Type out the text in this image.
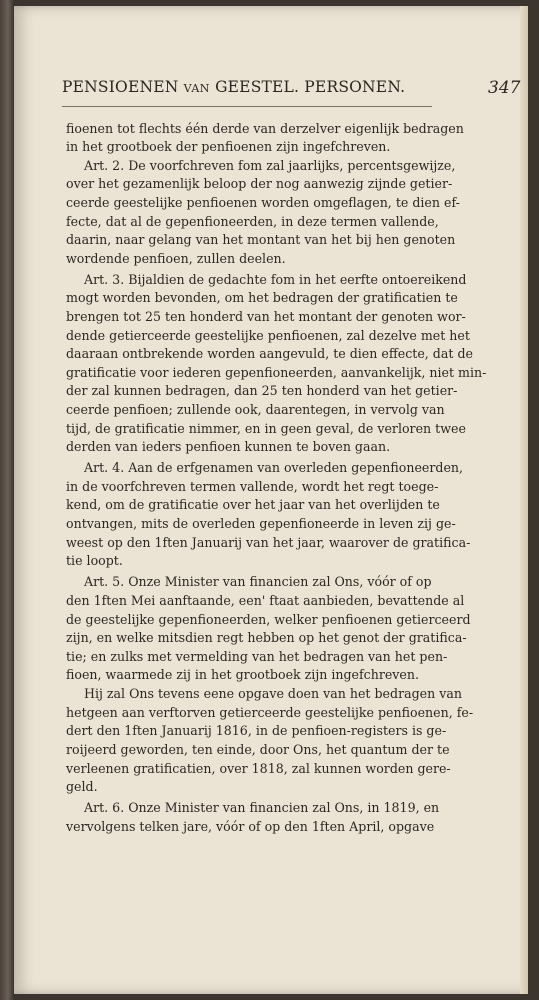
PENSIOENEN VAN GEESTEL. PERSONEN.	347
fioenen tot flechts één derde van derzelver eigenlijk bedragen
in het grootboek der penfioenen zijn ingefchreven.
Art. 2. De voorfchreven fom zal jaarlijks, percentsgewijze,
over het gezamenlijk beloop der nog aanwezig zijnde getier-
ceerde geestelijke penfioenen worden omgeflagen, te dien ef-
fecte, dat al de gepenfioneerden, in deze termen vallende,
daarin, naar gelang van het montant van het bij hen genoten
wordende penfioen, zullen deelen.
Art. 3. Bijaldien de gedachte fom in het eerfte ontoereikend
mogt worden bevonden, om het bedragen der gratificatien te
brengen tot 25 ten honderd van het montant der genoten wor-
dende getierceerde geestelijke penfioenen, zal dezelve met het
daaraan ontbrekende worden aangevuld, te dien effecte, dat de
gratificatie voor iederen gepenfioneerden, aanvankelijk, niet min-
der zal kunnen bedragen, dan 25 ten honderd van het getier-
ceerde penfioen; zullende ook, daarentegen, in vervolg van
tijd, de gratificatie nimmer, en in geen geval, de verloren twee
derden van ieders penfioen kunnen te boven gaan.
Art. 4. Aan de erfgenamen van overleden gepenfioneerden,
in de voorfchreven termen vallende, wordt het regt toege-
kend, om de gratificatie over het jaar van het overlijden te
ontvangen, mits de overleden gepenfioneerde in leven zij ge-
weest op den 1ften Januarij van het jaar, waarover de gratifica-
tie loopt.
Art. 5. Onze Minister van financien zal Ons, vóór of op
den 1ften Mei aanftaande, een' ftaat aanbieden, bevattende al
de geestelijke gepenfioneerden, welker penfioenen getierceerd
zijn, en welke mitsdien regt hebben op het genot der gratifica-
tie; en zulks met vermelding van het bedragen van het pen-
fioen, waarmede zij in het grootboek zijn ingefchreven.
Hij zal Ons tevens eene opgave doen van het bedragen van
hetgeen aan verftorven getierceerde geestelijke penfioenen, fe-
dert den 1ften Januarij 1816, in de penfioen-registers is ge-
roijeerd geworden, ten einde, door Ons, het quantum der te
verleenen gratificatien, over 1818, zal kunnen worden gere-
geld.
Art. 6. Onze Minister van financien zal Ons, in 1819, en
vervolgens telken jare, vóór of op den 1ften April, opgave
